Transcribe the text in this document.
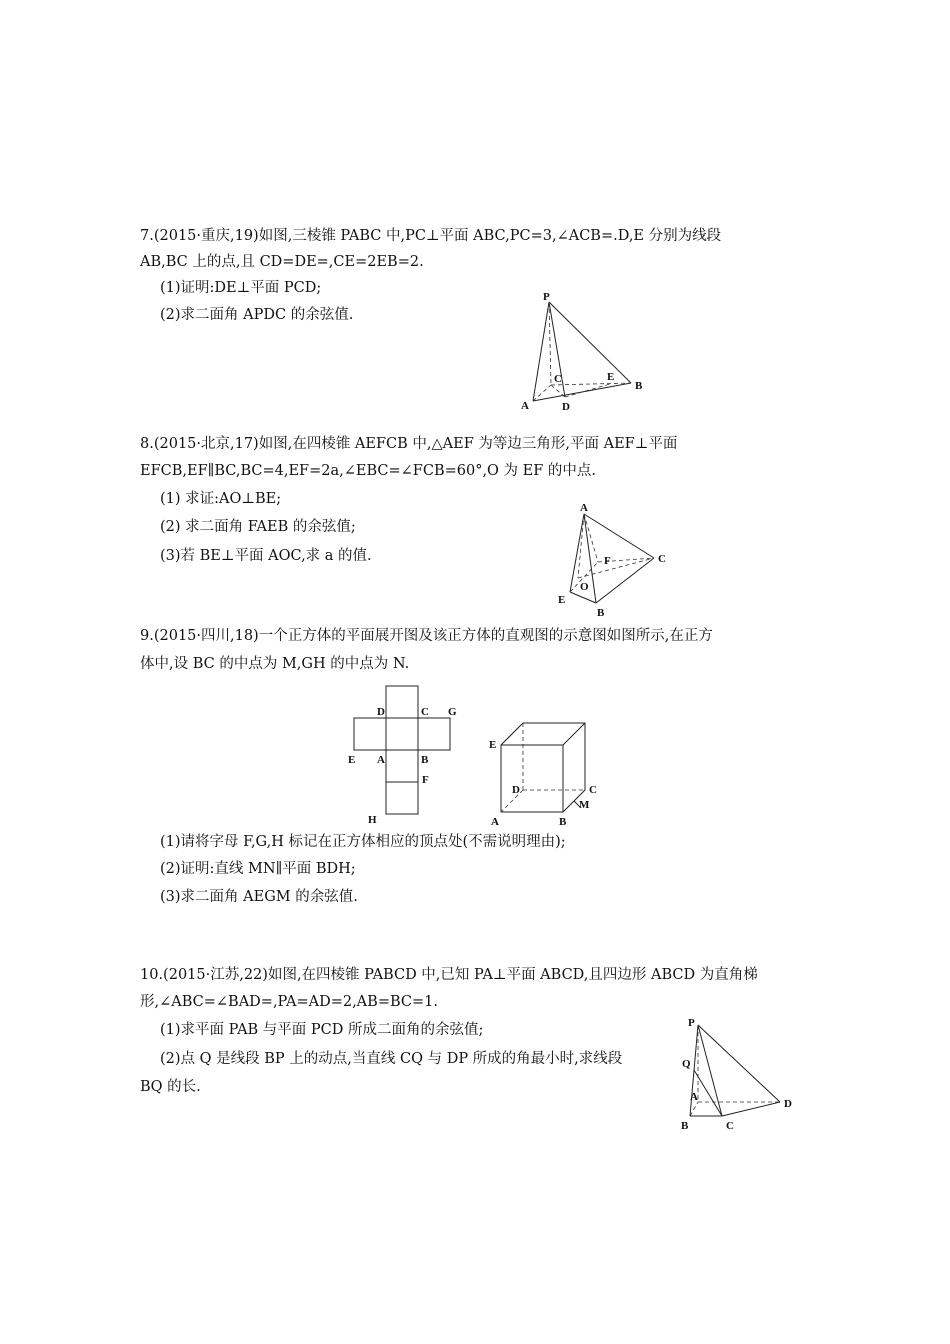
7.(2015·重庆,19)如图,三棱锥 PABC 中,PC⊥平面 ABC,PC=3,∠ACB=.D,E 分别为线段
AB,BC 上的点,且 CD=DE=,CE=2EB=2.
(1)证明:DE⊥平面 PCD;
(2)求二面角 APDC 的余弦值.
P
C	E
B
A	D
8.(2015·北京,17)如图,在四棱锥 AEFCB 中,△AEF 为等边三角形,平面 AEF⊥平面
EFCB,EF∥BC,BC=4,EF=2a,∠EBC=∠FCB=60°,O 为 EF 的中点.
(1) 求证:AO⊥BE;
(2) 求二面角 FAEB 的余弦值;
(3)若 BE⊥平面 AOC,求 a 的值.
A
F	C
O
E
B
9.(2015·四川,18)一个正方体的平面展开图及该正方体的直观图的示意图如图所示,在正方
体中,设 BC 的中点为 M,GH 的中点为 N.
D	C G
E A	B
F
H
E
D	C
M
A	B
(1)请将字母 F,G,H 标记在正方体相应的顶点处(不需说明理由);
(2)证明:直线 MN∥平面 BDH;
(3)求二面角 AEGM 的余弦值.
10.(2015·江苏,22)如图,在四棱锥 PABCD 中,已知 PA⊥平面 ABCD,且四边形 ABCD 为直角梯
形,∠ABC=∠BAD=,PA=AD=2,AB=BC=1.
(1)求平面 PAB 与平面 PCD 所成二面角的余弦值;
(2)点 Q 是线段 BP 上的动点,当直线 CQ 与 DP 所成的角最小时,求线段
BQ 的长.
P
Q
A
D
B	C
